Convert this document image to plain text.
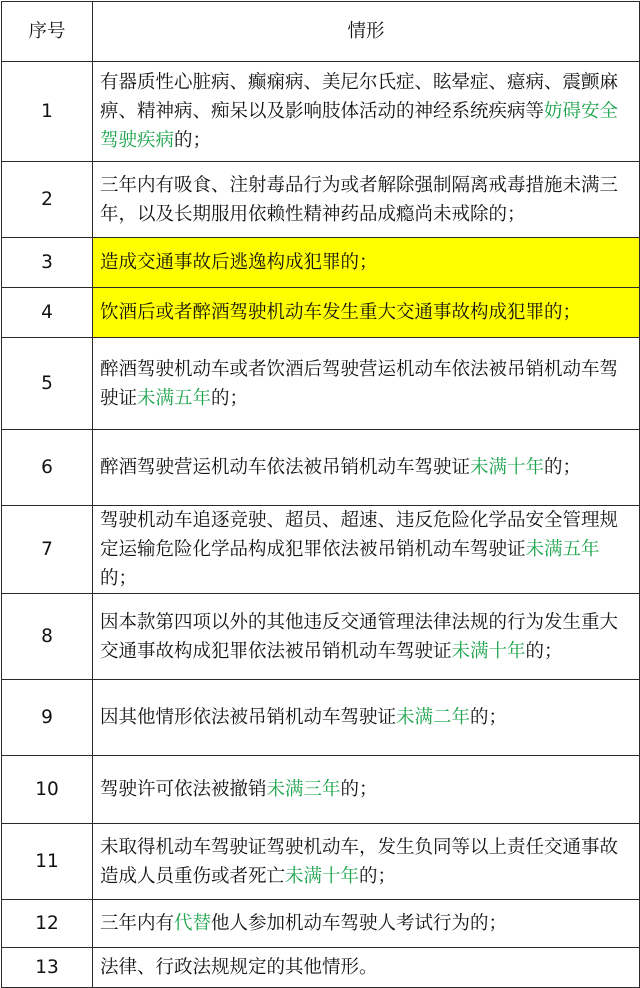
序号	情形
1	有器质性心脏病、癫痫病、美尼尔氏症、眩晕症、癔病、震颤麻痹、精神病、痴呆以及影响肢体活动的神经系统疾病等妨碍安全驾驶疾病的；
2	三年内有吸食、注射毒品行为或者解除强制隔离戒毒措施未满三年，以及长期服用依赖性精神药品成瘾尚未戒除的；
3	造成交通事故后逃逸构成犯罪的；
4	饮酒后或者醉酒驾驶机动车发生重大交通事故构成犯罪的；
5	醉酒驾驶机动车或者饮酒后驾驶营运机动车依法被吊销机动车驾驶证未满五年的；
6	醉酒驾驶营运机动车依法被吊销机动车驾驶证未满十年的；
7	驾驶机动车追逐竞驶、超员、超速、违反危险化学品安全管理规定运输危险化学品构成犯罪依法被吊销机动车驾驶证未满五年的；
8	因本款第四项以外的其他违反交通管理法律法规的行为发生重大交通事故构成犯罪依法被吊销机动车驾驶证未满十年的；
9	因其他情形依法被吊销机动车驾驶证未满二年的；
10	驾驶许可依法被撤销未满三年的；
11	未取得机动车驾驶证驾驶机动车，发生负同等以上责任交通事故造成人员重伤或者死亡未满十年的；
12	三年内有代替他人参加机动车驾驶人考试行为的；
13	法律、行政法规规定的其他情形。
